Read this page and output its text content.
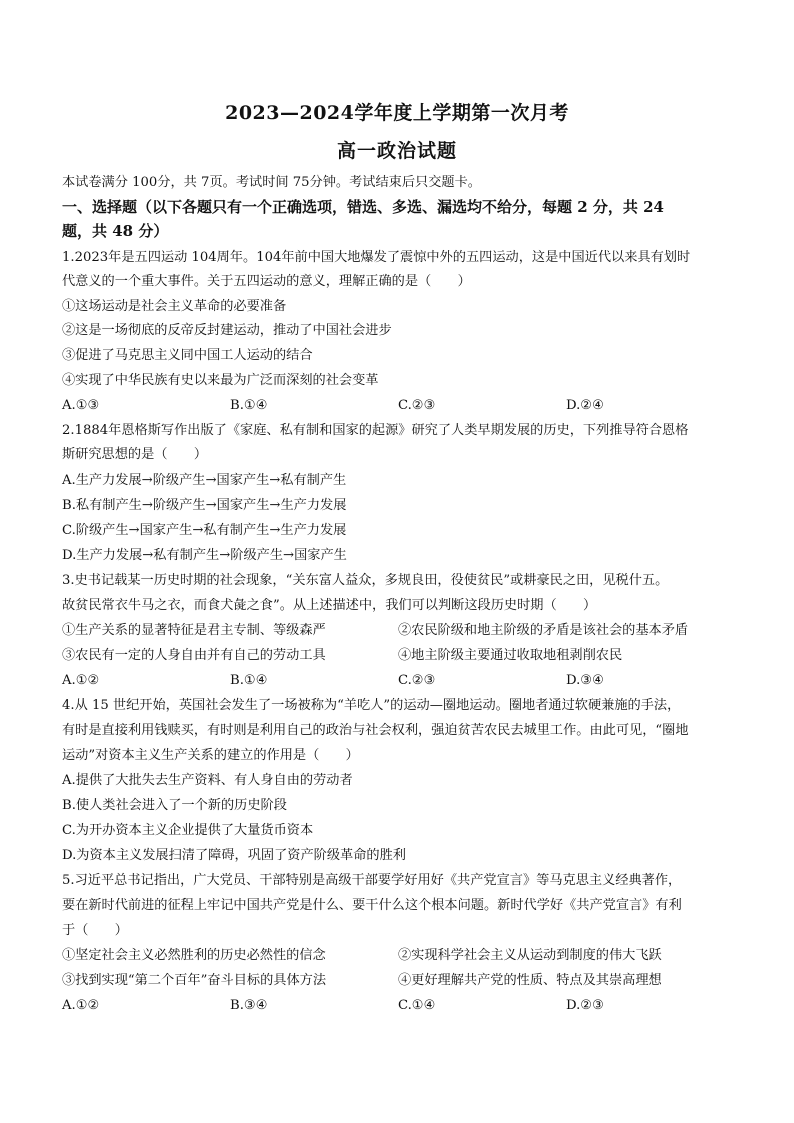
2023—2024学年度上学期第一次月考
高一政治试题
本试卷满分 100分，共 7页。考试时间 75分钟。考试结束后只交题卡。
一、选择题（以下各题只有一个正确选项，错选、多选、漏选均不给分，每题 2 分，共 24
题，共 48 分）
1.2023年是五四运动 104周年。104年前中国大地爆发了震惊中外的五四运动，这是中国近代以来具有划时
代意义的一个重大事件。关于五四运动的意义，理解正确的是（　　）
①这场运动是社会主义革命的必要准备
②这是一场彻底的反帝反封建运动，推动了中国社会进步
③促进了马克思主义同中国工人运动的结合
④实现了中华民族有史以来最为广泛而深刻的社会变革
A.①③	B.①④	C.②③	D.②④
2.1884年恩格斯写作出版了《家庭、私有制和国家的起源》研究了人类早期发展的历史，下列推导符合恩格
斯研究思想的是（　　）
A.生产力发展→阶级产生→国家产生→私有制产生
B.私有制产生→阶级产生→国家产生→生产力发展
C.阶级产生→国家产生→私有制产生→生产力发展
D.生产力发展→私有制产生→阶级产生→国家产生
3.史书记载某一历史时期的社会现象，“关东富人益众，多规良田，役使贫民”或耕豪民之田，见税什五。
故贫民常衣牛马之衣，而食犬彘之食”。从上述描述中，我们可以判断这段历史时期（　　）
①生产关系的显著特征是君主专制、等级森严	②农民阶级和地主阶级的矛盾是该社会的基本矛盾
③农民有一定的人身自由并有自己的劳动工具	④地主阶级主要通过收取地租剥削农民
A.①②	B.①④	C.②③	D.③④
4.从 15 世纪开始，英国社会发生了一场被称为“羊吃人”的运动—圈地运动。圈地者通过软硬兼施的手法，
有时是直接利用钱赎买，有时则是利用自己的政治与社会权利，强迫贫苦农民去城里工作。由此可见，“圈地
运动”对资本主义生产关系的建立的作用是（　　）
A.提供了大批失去生产资料、有人身自由的劳动者
B.使人类社会进入了一个新的历史阶段
C.为开办资本主义企业提供了大量货币资本
D.为资本主义发展扫清了障碍，巩固了资产阶级革命的胜利
5.习近平总书记指出，广大党员、干部特别是高级干部要学好用好《共产党宣言》等马克思主义经典著作，
要在新时代前进的征程上牢记中国共产党是什么、要干什么这个根本问题。新时代学好《共产党宣言》有利
于（　　）
①坚定社会主义必然胜利的历史必然性的信念	②实现科学社会主义从运动到制度的伟大飞跃
③找到实现“第二个百年”奋斗目标的具体方法	④更好理解共产党的性质、特点及其崇高理想
A.①②	B.③④	C.①④	D.②③
